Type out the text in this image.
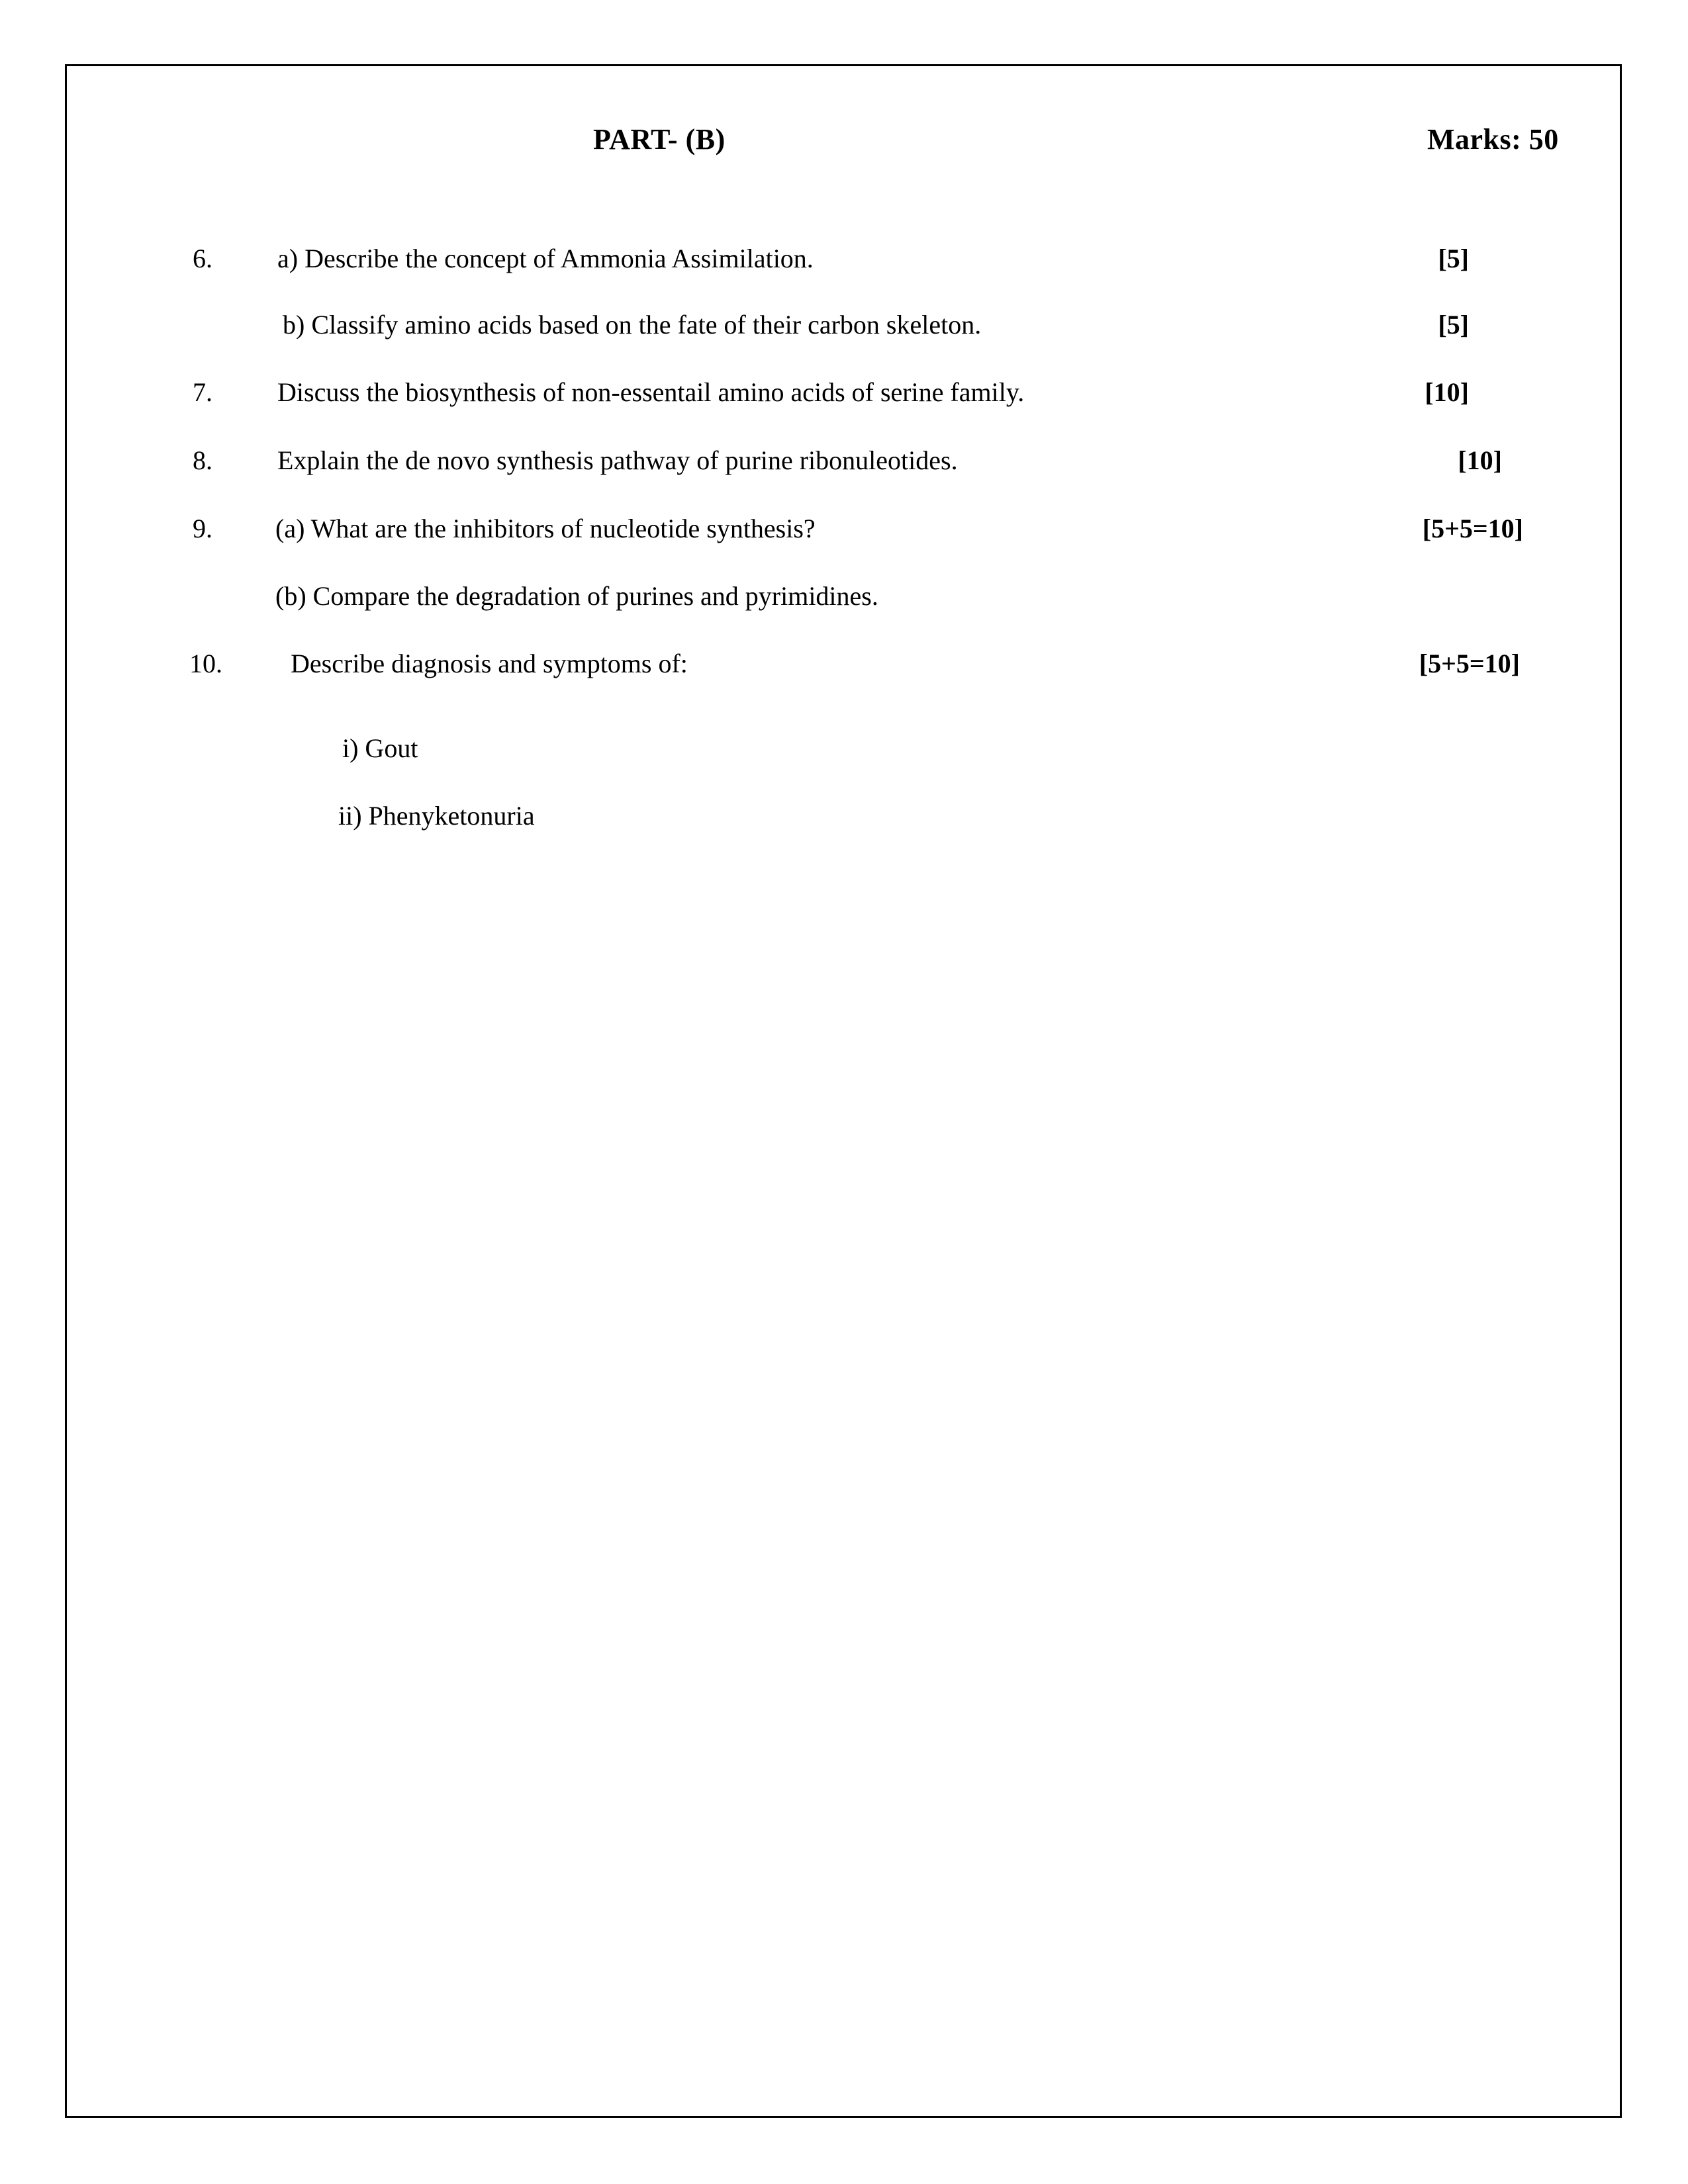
PART- (B)	Marks: 50
6. a) Describe the concept of Ammonia Assimilation.	[5]
b) Classify amino acids based on the fate of their carbon skeleton.	[5]
7. Discuss the biosynthesis of non-essentail amino acids of serine family.	[10]
8. Explain the de novo synthesis pathway of purine ribonuleotides.	[10]
9. (a) What are the inhibitors of nucleotide synthesis?	[5+5=10]
(b) Compare the degradation of purines and pyrimidines.
10.	Describe diagnosis and symptoms of:	[5+5=10]
i) Gout
ii) Phenyketonuria
